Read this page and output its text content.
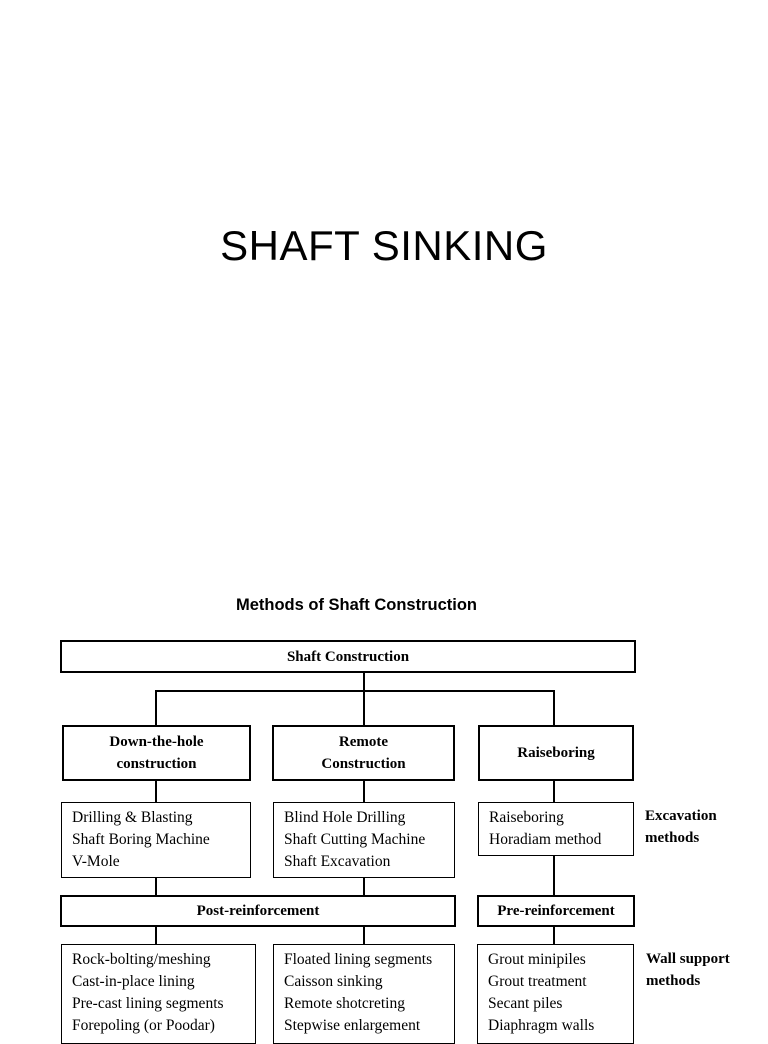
SHAFT SINKING
Methods of Shaft Construction
Shaft Construction
Down-the-hole
construction
Remote
Construction
Raiseboring
Drilling & Blasting
Shaft Boring Machine
V-Mole
Blind Hole Drilling
Shaft Cutting Machine
Shaft Excavation
Raiseboring
Horadiam method
Excavation
methods
Post-reinforcement	Pre-reinforcement
Rock-bolting/meshing
Cast-in-place lining
Pre-cast lining segments
Forepoling (or Poodar)
Floated lining segments
Caisson sinking
Remote shotcreting
Stepwise enlargement
Grout minipiles
Grout treatment
Secant piles
Diaphragm walls
Wall support
methods
